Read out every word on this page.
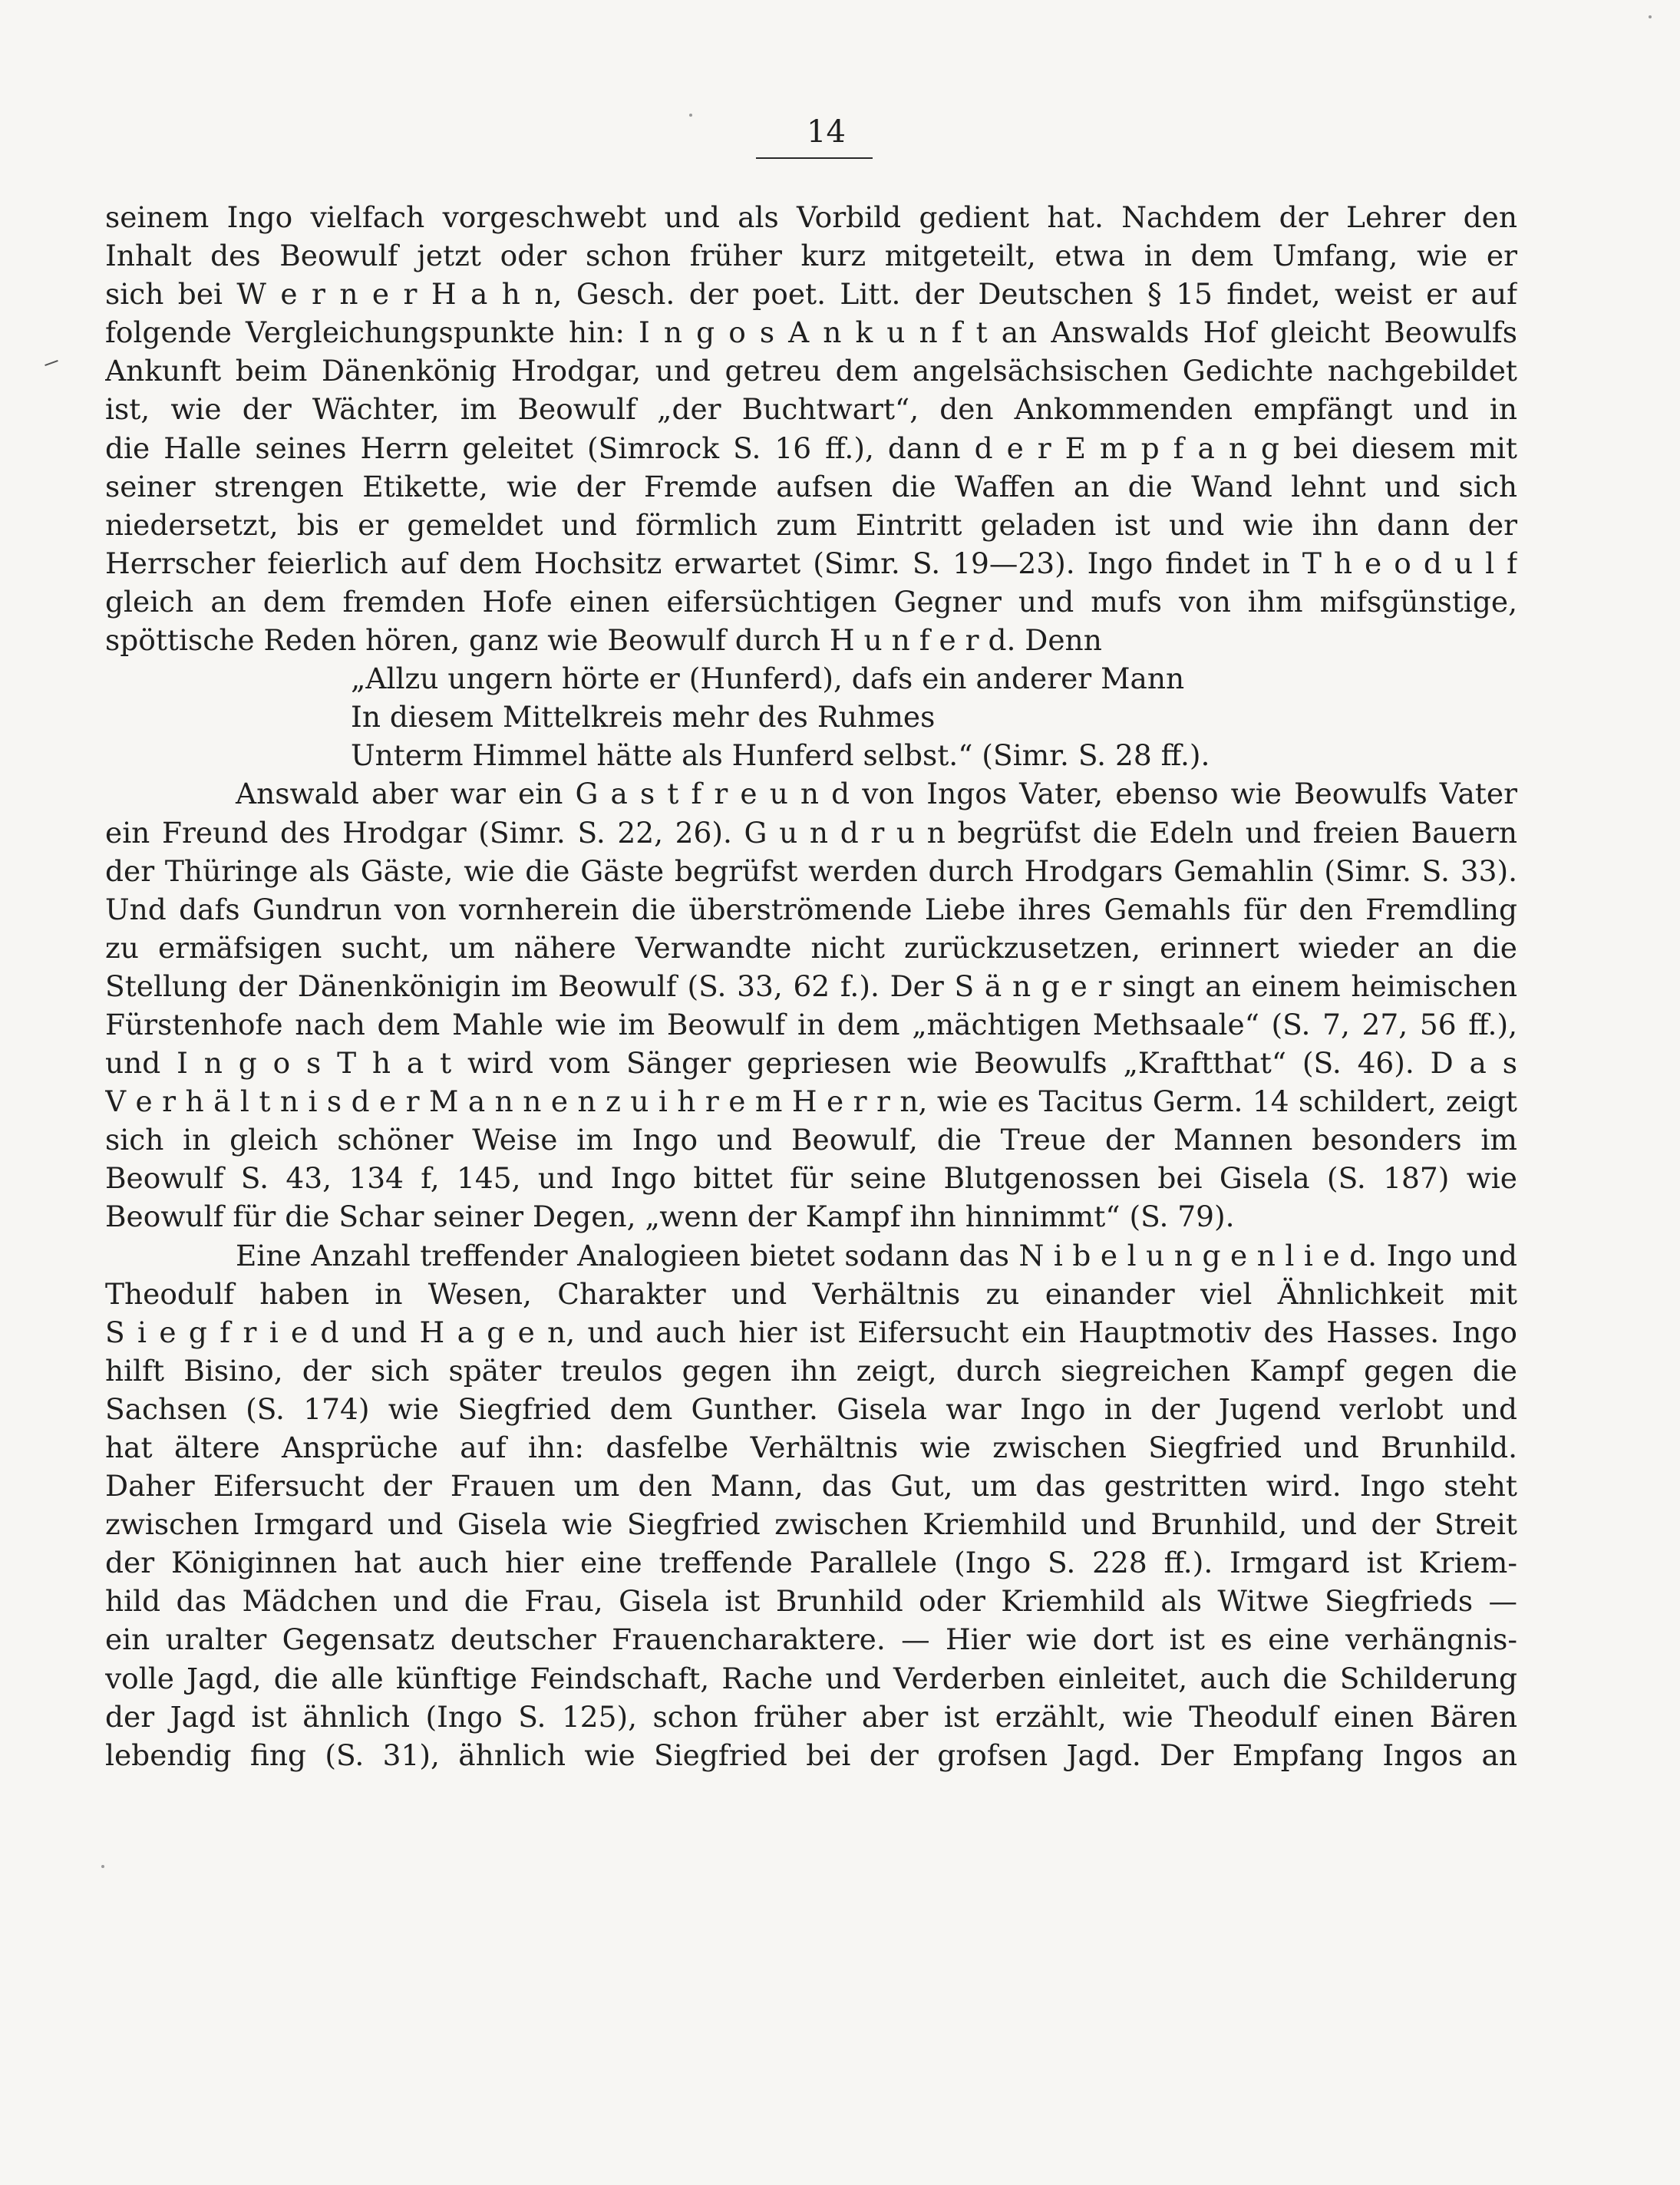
14
seinem Ingo vielfach vorgeschwebt und als Vorbild gedient hat. Nachdem der Lehrer den
Inhalt des Beowulf jetzt oder schon früher kurz mitgeteilt, etwa in dem Umfang, wie er
sich bei W e r n e r H a h n, Gesch. der poet. Litt. der Deutschen § 15 findet, weist er auf
folgende Vergleichungspunkte hin: I n g o s A n k u n f t an Answalds Hof gleicht Beowulfs
Ankunft beim Dänenkönig Hrodgar, und getreu dem angelsächsischen Gedichte nachgebildet
ist, wie der Wächter, im Beowulf „der Buchtwart“, den Ankommenden empfängt und in
die Halle seines Herrn geleitet (Simrock S. 16 ff.), dann d e r E m p f a n g bei diesem mit
seiner strengen Etikette, wie der Fremde aufsen die Waffen an die Wand lehnt und sich
niedersetzt, bis er gemeldet und förmlich zum Eintritt geladen ist und wie ihn dann der
Herrscher feierlich auf dem Hochsitz erwartet (Simr. S. 19—23). Ingo findet in T h e o d u l f
gleich an dem fremden Hofe einen eifersüchtigen Gegner und mufs von ihm mifsgünstige,
spöttische Reden hören, ganz wie Beowulf durch H u n f e r d. Denn
„Allzu ungern hörte er (Hunferd), dafs ein anderer Mann
In diesem Mittelkreis mehr des Ruhmes
Unterm Himmel hätte als Hunferd selbst.“ (Simr. S. 28 ff.).
Answald aber war ein G a s t f r e u n d von Ingos Vater, ebenso wie Beowulfs Vater
ein Freund des Hrodgar (Simr. S. 22, 26). G u n d r u n begrüfst die Edeln und freien Bauern
der Thüringe als Gäste, wie die Gäste begrüfst werden durch Hrodgars Gemahlin (Simr. S. 33).
Und dafs Gundrun von vornherein die überströmende Liebe ihres Gemahls für den Fremdling
zu ermäfsigen sucht, um nähere Verwandte nicht zurückzusetzen, erinnert wieder an die
Stellung der Dänenkönigin im Beowulf (S. 33, 62 f.). Der S ä n g e r singt an einem heimischen
Fürstenhofe nach dem Mahle wie im Beowulf in dem „mächtigen Methsaale“ (S. 7, 27, 56 ff.),
und I n g o s T h a t wird vom Sänger gepriesen wie Beowulfs „Kraftthat“ (S. 46). D a s
V e r h ä l t n i s d e r M a n n e n z u i h r e m H e r r n, wie es Tacitus Germ. 14 schildert, zeigt
sich in gleich schöner Weise im Ingo und Beowulf, die Treue der Mannen besonders im
Beowulf S. 43, 134 f, 145, und Ingo bittet für seine Blutgenossen bei Gisela (S. 187) wie
Beowulf für die Schar seiner Degen, „wenn der Kampf ihn hinnimmt“ (S. 79).
Eine Anzahl treffender Analogieen bietet sodann das N i b e l u n g e n l i e d. Ingo und
Theodulf haben in Wesen, Charakter und Verhältnis zu einander viel Ähnlichkeit mit
S i e g f r i e d und H a g e n, und auch hier ist Eifersucht ein Hauptmotiv des Hasses. Ingo
hilft Bisino, der sich später treulos gegen ihn zeigt, durch siegreichen Kampf gegen die
Sachsen (S. 174) wie Siegfried dem Gunther. Gisela war Ingo in der Jugend verlobt und
hat ältere Ansprüche auf ihn: dasfelbe Verhältnis wie zwischen Siegfried und Brunhild.
Daher Eifersucht der Frauen um den Mann, das Gut, um das gestritten wird. Ingo steht
zwischen Irmgard und Gisela wie Siegfried zwischen Kriemhild und Brunhild, und der Streit
der Königinnen hat auch hier eine treffende Parallele (Ingo S. 228 ff.). Irmgard ist Kriem-
hild das Mädchen und die Frau, Gisela ist Brunhild oder Kriemhild als Witwe Siegfrieds —
ein uralter Gegensatz deutscher Frauencharaktere. — Hier wie dort ist es eine verhängnis-
volle Jagd, die alle künftige Feindschaft, Rache und Verderben einleitet, auch die Schilderung
der Jagd ist ähnlich (Ingo S. 125), schon früher aber ist erzählt, wie Theodulf einen Bären
lebendig fing (S. 31), ähnlich wie Siegfried bei der grofsen Jagd. Der Empfang Ingos an
